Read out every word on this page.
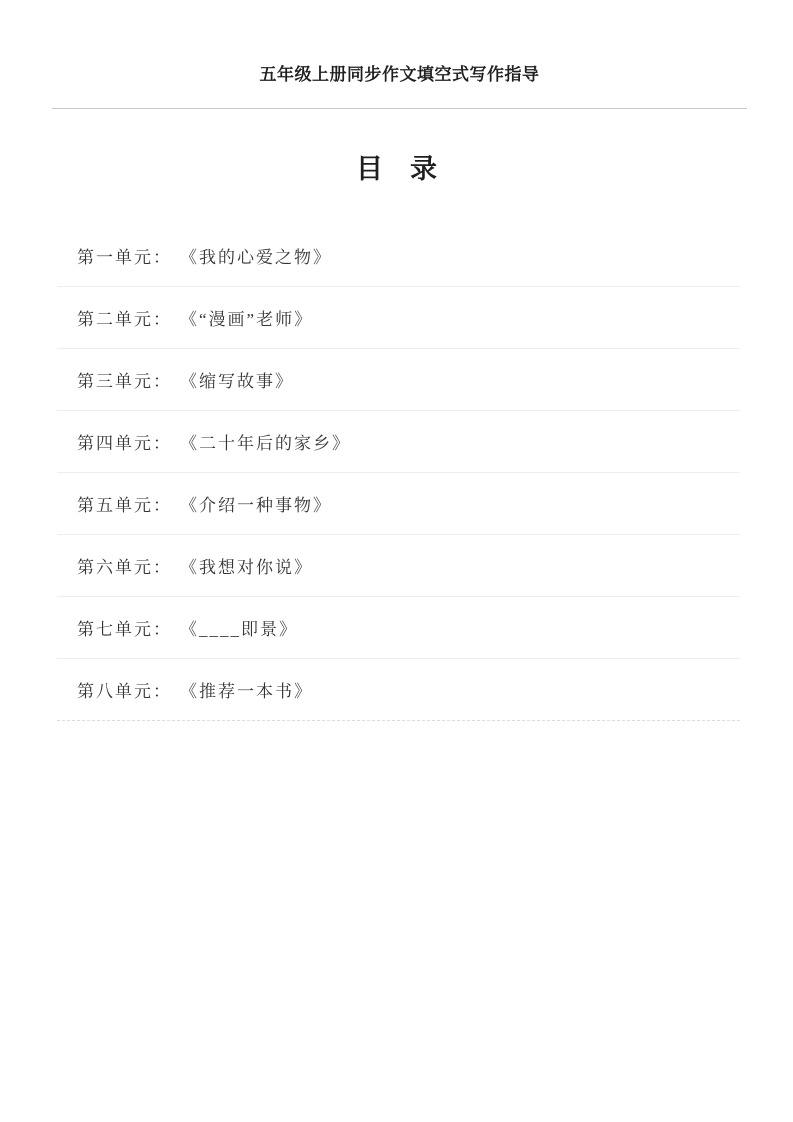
五年级上册同步作文填空式写作指导
目　录
第一单元： 《我的心爱之物》
第二单元： 《“漫画”老师》
第三单元： 《缩写故事》
第四单元： 《二十年后的家乡》
第五单元： 《介绍一种事物》
第六单元： 《我想对你说》
第七单元： 《____即景》
第八单元： 《推荐一本书》
